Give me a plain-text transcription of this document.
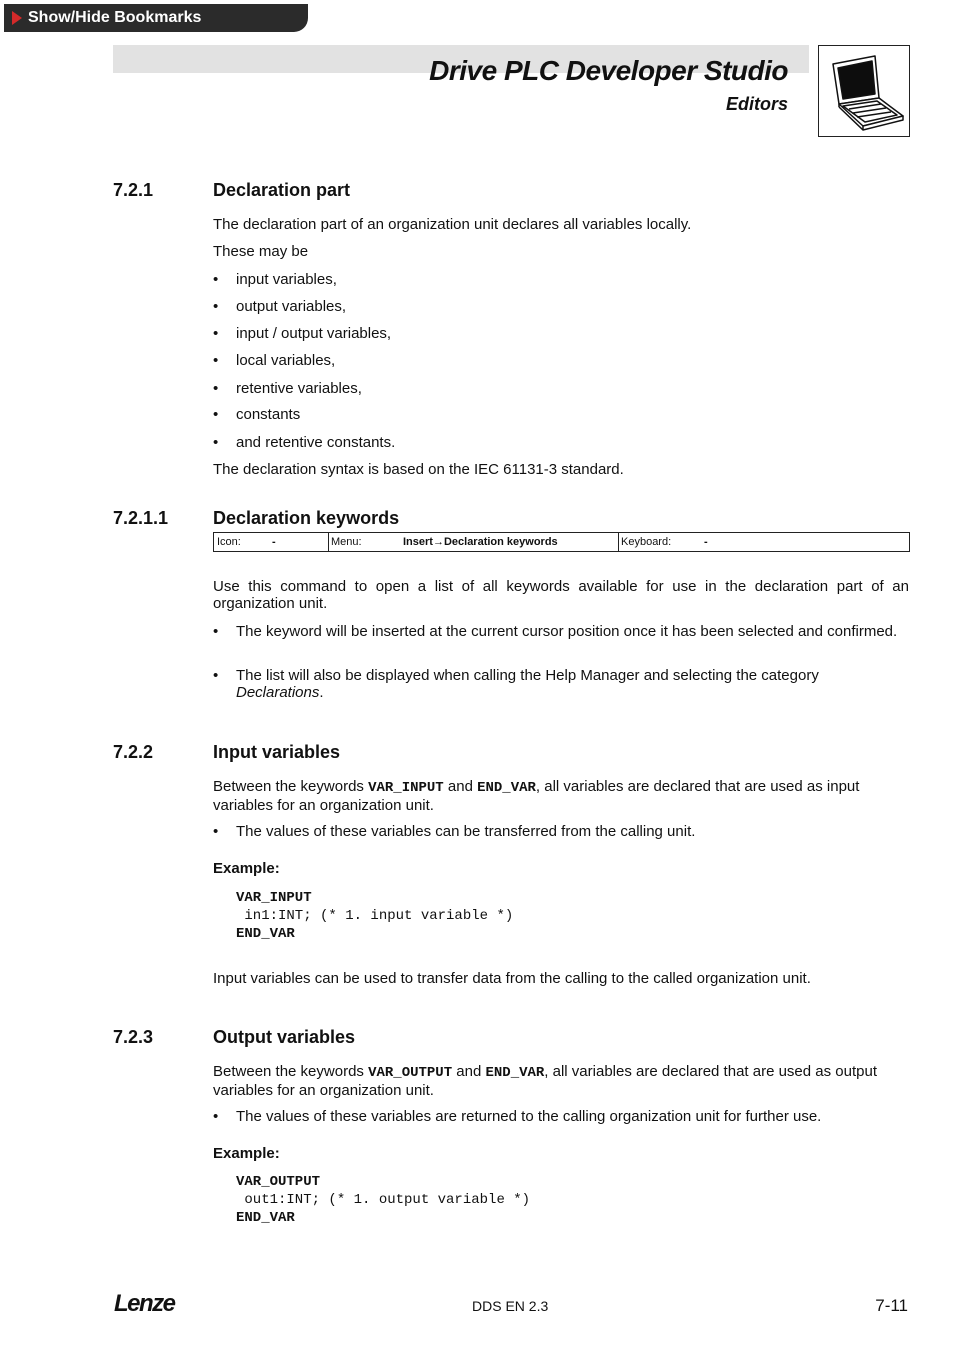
Show/Hide Bookmarks
Drive PLC Developer Studio
Editors
7.2.1	Declaration part
The declaration part of an organization unit declares all variables locally.
These may be
• input variables,
• output variables,
• input / output variables,
• local variables,
• retentive variables,
• constants
• and retentive constants.
The declaration syntax is based on the IEC 61131-3 standard.
7.2.1.1 Declaration keywords
Icon:	-	Menu:	Insert→Declaration keywords	Keyboard:	-
Use this command to open a list of all keywords available for use in the declaration part of an organization unit.
• The keyword will be inserted at the current cursor position once it has been selected and confirmed.
• The list will also be displayed when calling the Help Manager and selecting the category Declarations.
7.2.2	Input variables
Between the keywords VAR_INPUT and END_VAR, all variables are declared that are used as input variables for an organization unit.
• The values of these variables can be transferred from the calling unit.
Example:
VAR_INPUT
in1:INT; (* 1. input variable *)
END_VAR
Input variables can be used to transfer data from the calling to the called organization unit.
7.2.3	Output variables
Between the keywords VAR_OUTPUT and END_VAR, all variables are declared that are used as output variables for an organization unit.
• The values of these variables are returned to the calling organization unit for further use.
Example:
VAR_OUTPUT
out1:INT; (* 1. output variable *)
END_VAR
Lenze	DDS EN 2.3	7-11
